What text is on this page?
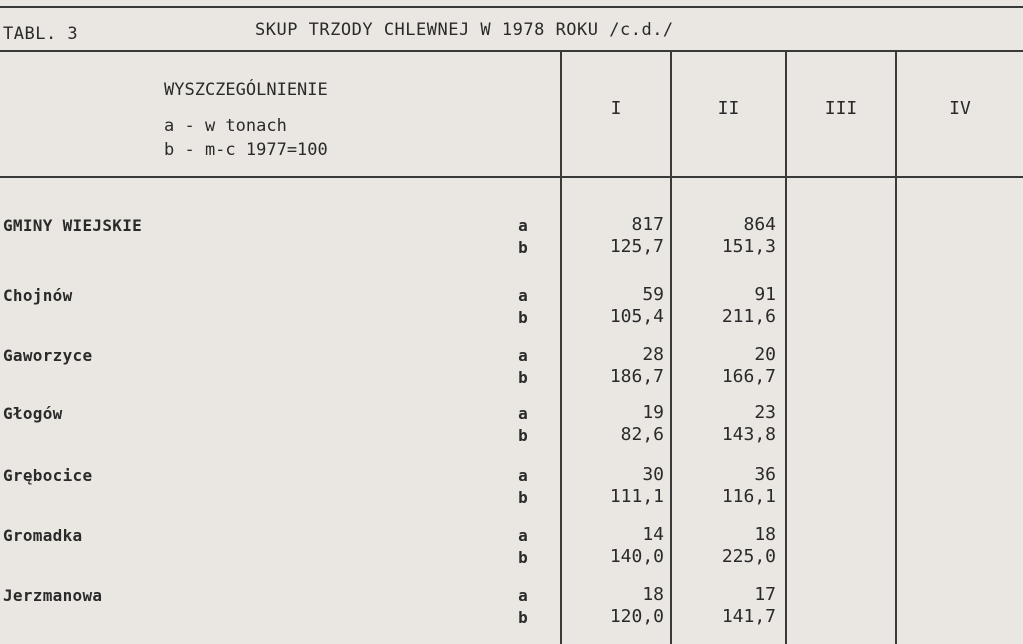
TABL. 3	SKUP TRZODY CHLEWNEJ W 1978 ROKU /c.d./
WYSZCZEGÓLNIENIE
a - w tonach
b - m-c 1977=100
I	II	III	IV
GMINY WIEJSKIE	a	817	864
b	125,7	151,3
Chojnów	a	59	91
b	105,4	211,6
Gaworzyce	a	28	20
b	186,7	166,7
Głogów	a	19	23
b	82,6	143,8
Grębocice	a	30	36
b	111,1	116,1
Gromadka	a	14	18
b	140,0	225,0
Jerzmanowa	a	18	17
b	120,0	141,7
